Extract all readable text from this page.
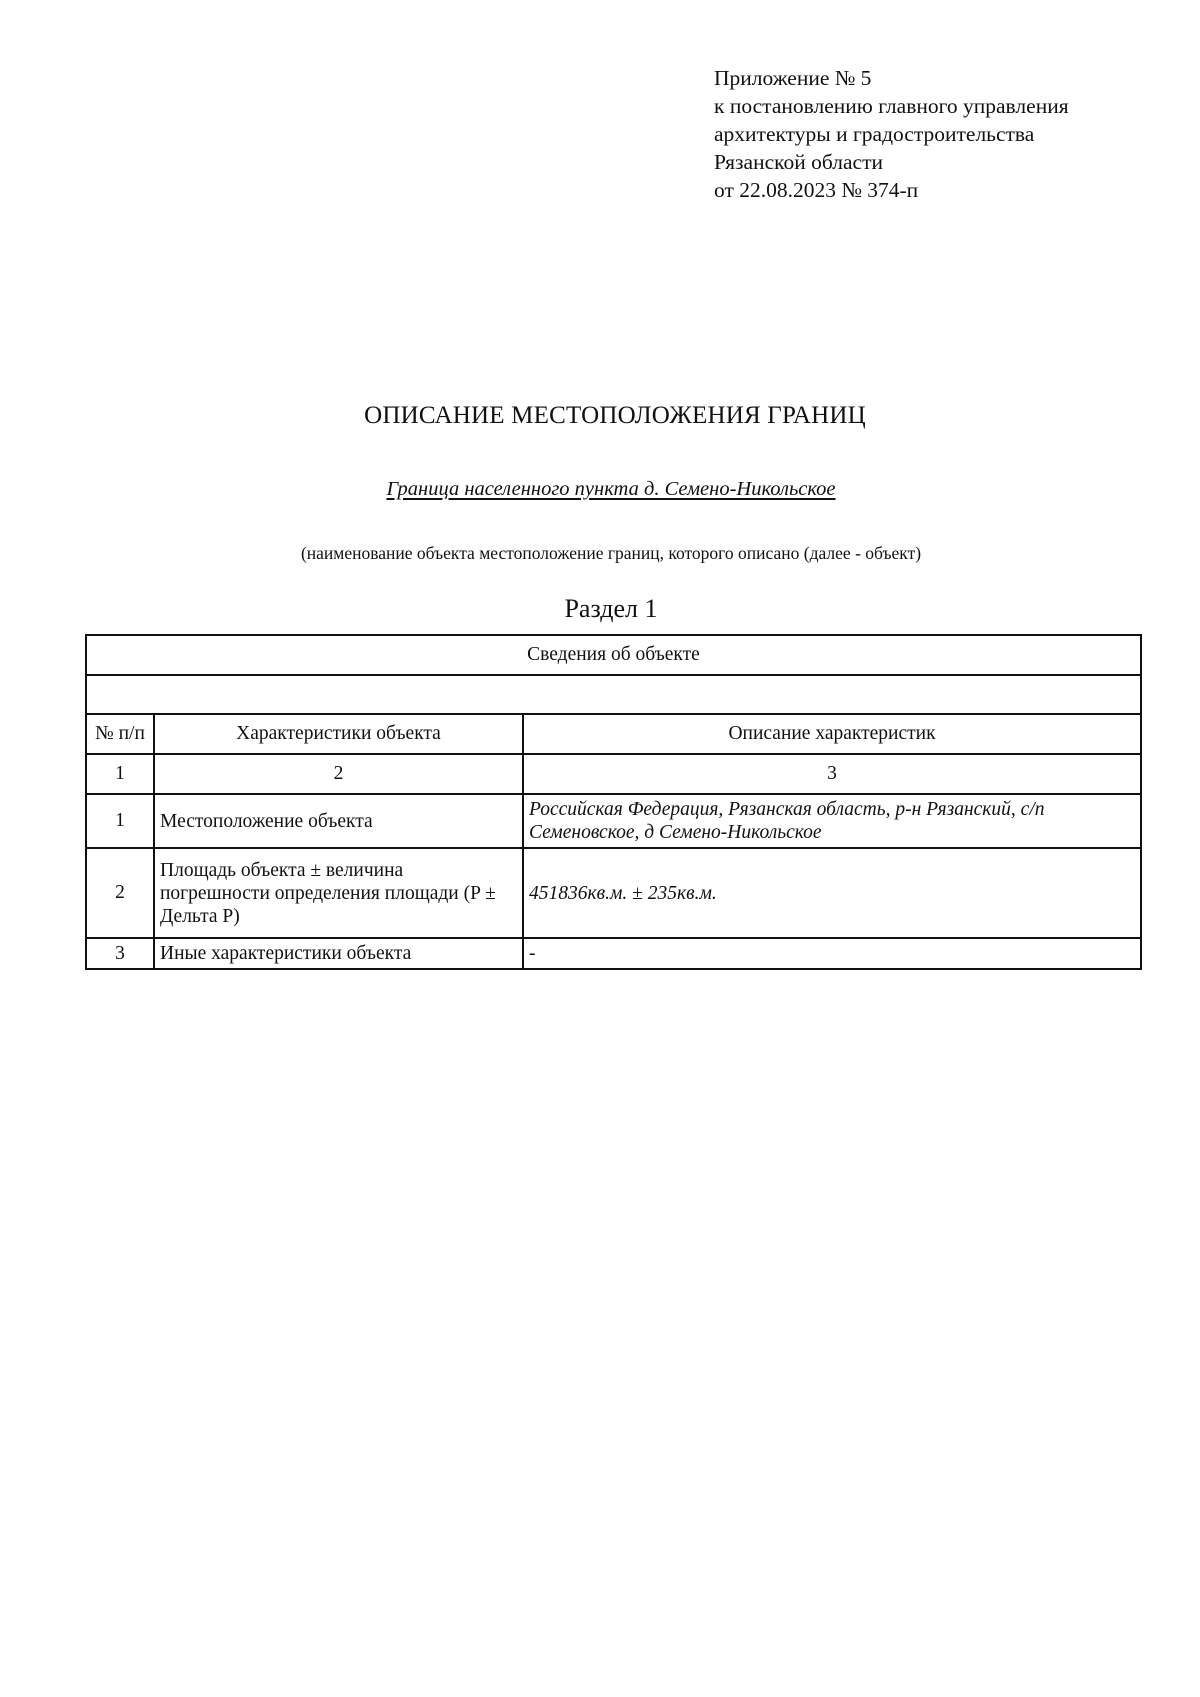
Приложение № 5
к постановлению главного управления
архитектуры и градостроительства
Рязанской области
от 22.08.2023 № 374-п
ОПИСАНИЕ МЕСТОПОЛОЖЕНИЯ ГРАНИЦ
Граница населенного пункта д. Семено-Никольское
(наименование объекта местоположение границ, которого описано (далее - объект)
Раздел 1
Сведения об объекте		

№ п/п	Характеристики объекта	Описание характеристик
1	2	3
1	Местоположение объекта	Российская Федерация, Рязанская область, р-н Рязанский, с/п Семеновское, д Семено-Никольское
2	Площадь объекта ± величина погрешности определения площади (P ± Дельта P)	451836кв.м. ± 235кв.м.
3	Иные характеристики объекта	-
